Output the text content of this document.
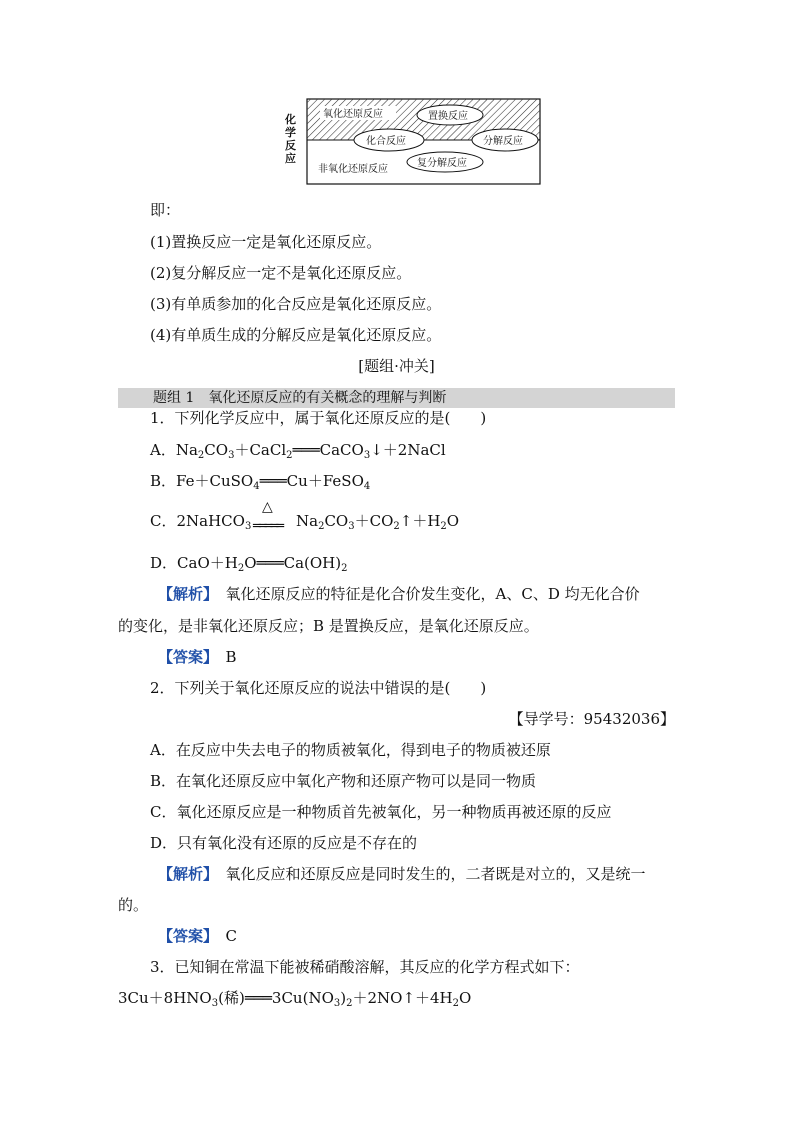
化
学
反
应
氧化还原反应
非氧化还原反应
置换反应
化合反应	分解反应
复分解反应
即：
(1)置换反应一定是氧化还原反应。
(2)复分解反应一定不是氧化还原反应。
(3)有单质参加的化合反应是氧化还原反应。
(4)有单质生成的分解反应是氧化还原反应。
[题组·冲关]
题组 1　氧化还原反应的有关概念的理解与判断
1．下列化学反应中，属于氧化还原反应的是(　　)
A．$Na_2CO_3+CaCl_2═══CaCO_3↓+2NaCl$
B．Fe＋CuSO$_4$═══Cu＋FeSO$_4$
C．2NaHCO$_3$
△
═════ $Na_2CO_3+CO_2↑+H_2O$
D．$CaO+H_2O═══Ca(OH)_2$
【解析】　 氧化还原反应的特征是化合价发生变化，A、C、D 均无化合价
的变化，是非氧化还原反应；B 是置换反应，是氧化还原反应。
【答案】　 B
2．下列关于氧化还原反应的说法中错误的是(　　)
【导学号：95432036】
A．在反应中失去电子的物质被氧化，得到电子的物质被还原
B．在氧化还原反应中氧化产物和还原产物可以是同一物质
C．氧化还原反应是一种物质首先被氧化，另一种物质再被还原的反应
D．只有氧化没有还原的反应是不存在的
【解析】　 氧化反应和还原反应是同时发生的，二者既是对立的，又是统一
的。
【答案】　 C
3．已知铜在常温下能被稀硝酸溶解，其反应的化学方程式如下：
$3Cu+8HNO_3$(稀)$═══3Cu(NO_3)_2+2NO↑+4H_2O$
